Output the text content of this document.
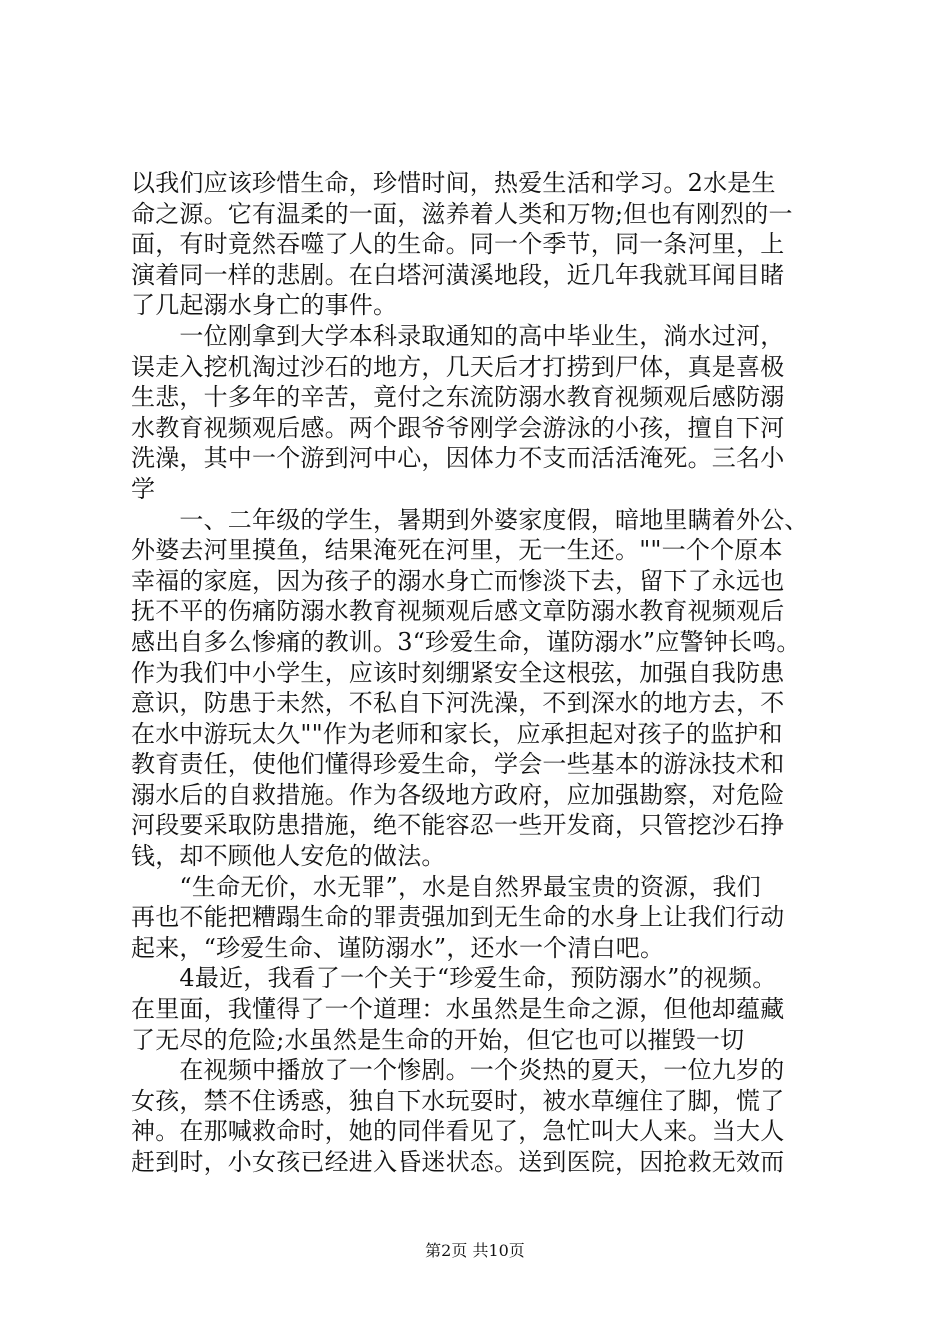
以我们应该珍惜生命，珍惜时间，热爱生活和学习。2水是生
命之源。它有温柔的一面，滋养着人类和万物;但也有刚烈的一
面，有时竟然吞噬了人的生命。同一个季节，同一条河里，上
演着同一样的悲剧。在白塔河潢溪地段，近几年我就耳闻目睹
了几起溺水身亡的事件。
　　一位刚拿到大学本科录取通知的高中毕业生，淌水过河，
误走入挖机淘过沙石的地方，几天后才打捞到尸体，真是喜极
生悲，十多年的辛苦，竟付之东流防溺水教育视频观后感防溺
水教育视频观后感。两个跟爷爷刚学会游泳的小孩，擅自下河
洗澡，其中一个游到河中心，因体力不支而活活淹死。三名小
学
　　一、二年级的学生，暑期到外婆家度假，暗地里瞒着外公、
外婆去河里摸鱼，结果淹死在河里，无一生还。""一个个原本
幸福的家庭，因为孩子的溺水身亡而惨淡下去，留下了永远也
抚不平的伤痛防溺水教育视频观后感文章防溺水教育视频观后
感出自多么惨痛的教训。3“珍爱生命，谨防溺水”应警钟长鸣。
作为我们中小学生，应该时刻绷紧安全这根弦，加强自我防患
意识，防患于未然，不私自下河洗澡，不到深水的地方去，不
在水中游玩太久""作为老师和家长，应承担起对孩子的监护和
教育责任，使他们懂得珍爱生命，学会一些基本的游泳技术和
溺水后的自救措施。作为各级地方政府，应加强勘察，对危险
河段要采取防患措施，绝不能容忍一些开发商，只管挖沙石挣
钱，却不顾他人安危的做法。
　　“生命无价，水无罪”，水是自然界最宝贵的资源，我们
再也不能把糟蹋生命的罪责强加到无生命的水身上让我们行动
起来，“珍爱生命、谨防溺水”，还水一个清白吧。
　　4最近，我看了一个关于“珍爱生命，预防溺水”的视频。
在里面，我懂得了一个道理：水虽然是生命之源，但他却蕴藏
了无尽的危险;水虽然是生命的开始，但它也可以摧毁一切
　　在视频中播放了一个惨剧。一个炎热的夏天，一位九岁的
女孩，禁不住诱惑，独自下水玩耍时，被水草缠住了脚，慌了
神。在那喊救命时，她的同伴看见了，急忙叫大人来。当大人
赶到时，小女孩已经进入昏迷状态。送到医院，因抢救无效而
第2页 共10页
